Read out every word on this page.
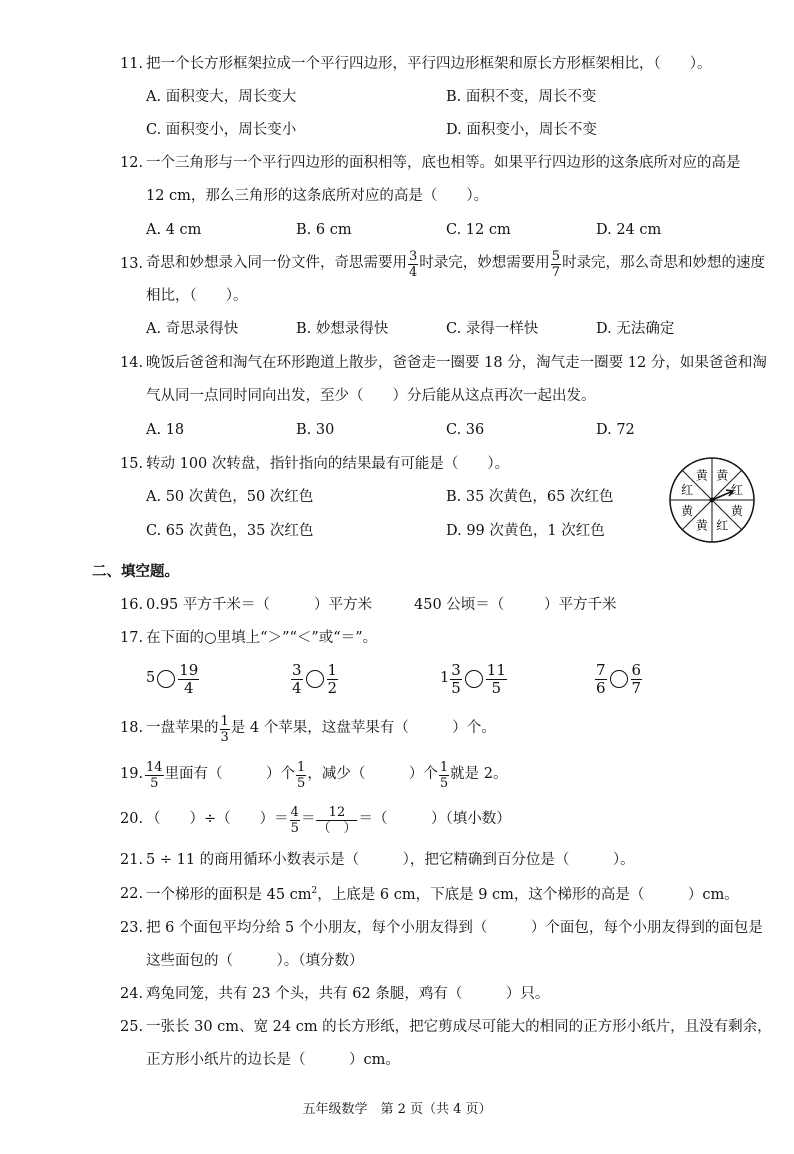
11. 把一个长方形框架拉成一个平行四边形，平行四边形框架和原长方形框架相比，（　　）。
A. 面积变大，周长变大	B. 面积不变，周长不变
C. 面积变小，周长变小	D. 面积变小，周长不变
12. 一个三角形与一个平行四边形的面积相等，底也相等。如果平行四边形的这条底所对应的高是
12 cm，那么三角形的这条底所对应的高是（　　）。
A. 4 cm	B. 6 cm	C. 12 cm	D. 24 cm
13. 奇思和妙想录入同一份文件，奇思需要用 $\frac{3}{4}$ 时录完，妙想需要用 $\frac{5}{7}$ 时录完，那么奇思和妙想的速度
相比，（　　）。
A. 奇思录得快	B. 妙想录得快	C. 录得一样快	D. 无法确定
14. 晚饭后爸爸和淘气在环形跑道上散步，爸爸走一圈要 18 分，淘气走一圈要 12 分，如果爸爸和淘
气从同一点同时同向出发，至少（　　）分后能从这点再次一起出发。
A. 18	B. 30	C. 36	D. 72
15. 转动 100 次转盘，指针指向的结果最有可能是（　　）。
A. 50 次黄色，50 次红色	B. 35 次黄色，65 次红色
C. 65 次黄色，35 次红色	D. 99 次黄色，1 次红色
黄
红
黄
红
黄
黄
红
黄
二、填空题。
16. 0.95 平方千米＝（	）平方米	450 公顷＝（	）平方千米
17. 在下面的○里填上“＞”“＜”或“＝”。
$5 \frac{19}{4}$	$\frac{3}{4} \frac{1}{2}$	$1 \frac{3}{5} \frac{11}{5}$	$\frac{7}{6} \frac{6}{7}$
18. 一盘苹果的 $\frac{1}{3}$ 是 4 个苹果，这盘苹果有（　　　）个。
19. $\frac{14}{5}$ 里面有（　　　）个 $\frac{1}{5}$ ，减少（　　　）个 $\frac{1}{5}$ 就是 2。
20. （　　）÷（　　）＝ $\frac{4}{5} = \frac{12}{( )}$ ＝（　　　）（填小数）
21. 5 ÷ 11 的商用循环小数表示是（　　　），把它精确到百分位是（　　　）。
22. 一个梯形的面积是 45 $cm^2$，上底是 6 cm，下底是 9 cm，这个梯形的高是（　　　）cm。
23. 把 6 个面包平均分给 5 个小朋友，每个小朋友得到（　　　）个面包，每个小朋友得到的面包是
这些面包的（　　　）。（填分数）
24. 鸡兔同笼，共有 23 个头，共有 62 条腿，鸡有（　　　）只。
25. 一张长 30 cm、宽 24 cm 的长方形纸，把它剪成尽可能大的相同的正方形小纸片，且没有剩余，
正方形小纸片的边长是（　　　）cm。
五年级数学　第 2 页（共 4 页）
